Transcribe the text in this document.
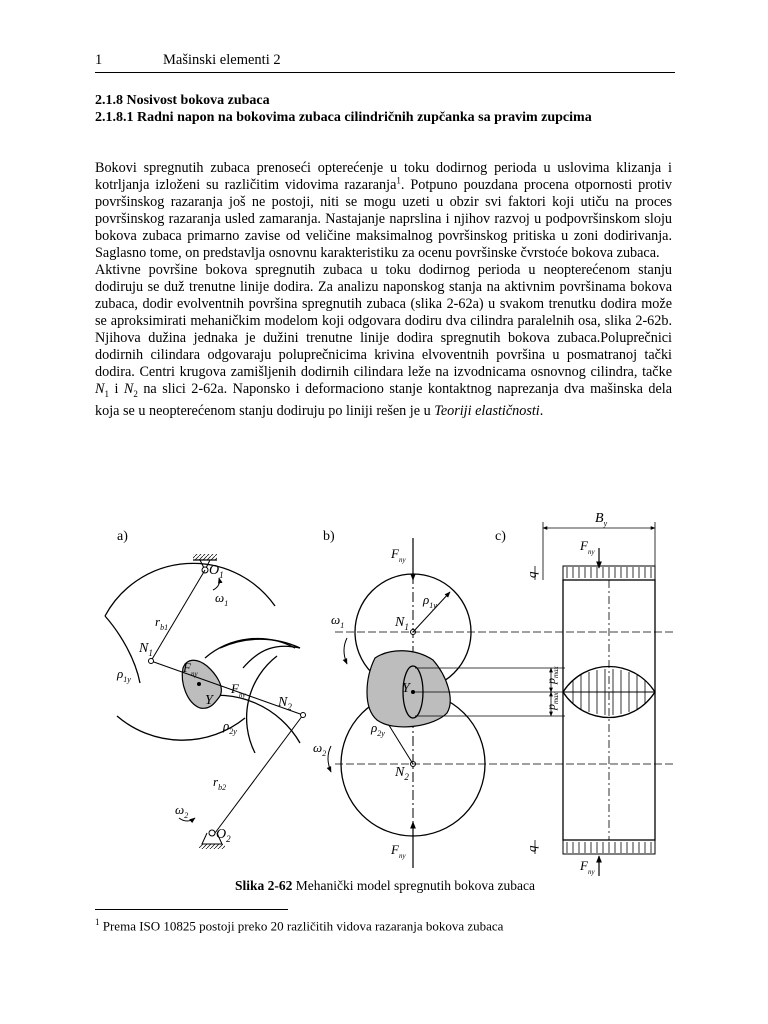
1	Mašinski elementi 2
2.1.8 Nosivost bokova zubaca
2.1.8.1 Radni napon na bokovima zubaca cilindričnih zupčanka sa pravim zupcima

Bokovi spregnutih zubaca prenoseći opterećenje u toku dodirnog perioda u uslovima klizanja i kotrljanja izloženi su različitim vidovima razaranja$^1$. Potpuno pouzdana procena otpornosti protiv površinskog razaranja još ne postoji, niti se mogu uzeti u obzir svi faktori koji utiču na proces površinskog razaranja usled zamaranja. Nastajanje naprslina i njihov razvoj u podpovršinskom sloju bokova zubaca primarno zavise od veličine maksimalnog površinskog pritiska u zoni dodirivanja. Saglasno tome, on predstavlja osnovnu karakteristiku za ocenu površinske čvrstoće bokova zubaca.

Aktivne površine bokova spregnutih zubaca u toku dodirnog perioda u neopterećenom stanju dodiruju se duž trenutne linije dodira. Za analizu naponskog stanja na aktivnim površinama bokova zubaca, dodir evolventnih površina spregnutih zubaca (slika 2-62a) u svakom trenutku dodira može se aproksimirati mehaničkim modelom koji odgovara dodiru dva cilindra paralelnih osa, slika 2-62b. Njihova dužina jednaka je dužini trenutne linije dodira spregnutih bokova zubaca.Poluprečnici dodirnih cilindara odgovaraju poluprečnicima krivina elvoventnih površina u posmatranoj tački dodira. Centri krugova zamišljenih dodirnih cilindara leže na izvodnicama osnovnog cilindra, tačke $N_1$ i $N_2$ na slici 2-62a. Naponsko i deformaciono stanje kontaktnog naprezanja dva mašinska dela koja se u neopterećenom stanju dodiruju po liniji rešen je u Teoriji elastičnosti.

a)	b)	c)
$O_1$
$\omega_1$
$r_{b1}$
$N_1$
$\rho_{1y}$
$F_{ny}$
$F_{ny}$
Y	$N_2$
$\rho_{2y}$
$r_{b2}$
$O_2$
$\omega_2$
$F_{ny}$
$F_{ny}$
$N_1$
$\rho_{1y}$
$\omega_1$
$N_2$
$\rho_{2y}$
$\omega_2$
Y
$B_y$
$F_{ny}$
q
$p_{max}$
$p_{max}$
q
$F_{ny}$
Slika 2-62 Mehanički model spregnutih bokova zubaca
$^1$ Prema ISO 10825 postoji preko 20 različitih vidova razaranja bokova zubaca
